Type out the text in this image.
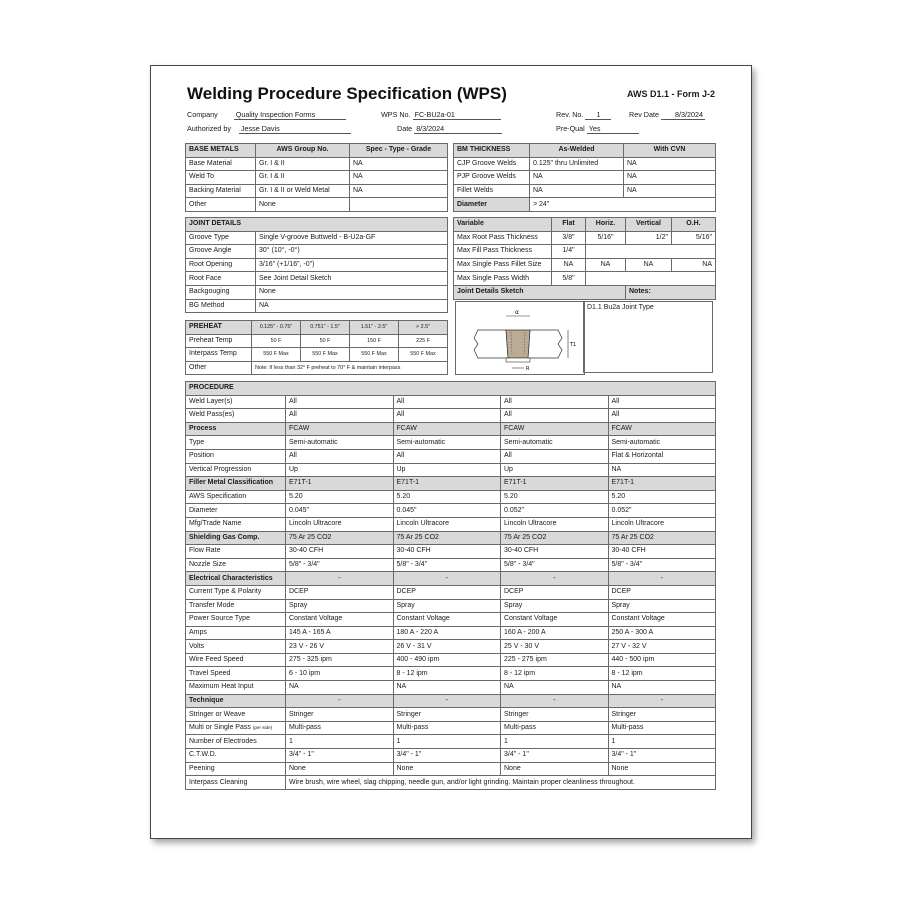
Welding Procedure Specification (WPS)	AWS D1.1 - Form J-2
Company	Quality Inspection Forms
Authorized by Jesse Davis
WPS No. FC-BU2a-01
Date 8/3/2024
Rev. No. 1	Rev Date 8/3/2024
Pre-Qual Yes
BASE METALS	AWS Group No.	Spec - Type - Grade
Base Material	Gr. I & II	NA
Weld To	Gr. I & II	NA
Backing Material	Gr. I & II or Weld Metal	NA
Other	None	
BM THICKNESS	As-Welded	With CVN
CJP Groove Welds	0.125" thru Unlimited	NA
PJP Groove Welds	NA	NA
Fillet Welds	NA	NA
Diameter	> 24"	
JOINT DETAILS	
Groove Type	Single V-groove Buttweld - B-U2a-GF
Groove Angle	30° (10°, -0°)
Root Opening	3/16" (+1/16", -0")
Root Face	See Joint Detail Sketch
Backgouging	None
BG Method	NA
Variable	Flat	Horiz.	Vertical	O.H.
Max Root Pass Thickness	3/8"	5/16"	1/2"	5/16"
Max Fill Pass Thickness	1/4"			
Max Single Pass Fillet Size	NA	NA	NA	NA
Max Single Pass Width	5/8"			
Joint Details Sketch			Notes:	
α
T1
R
D1.1 Bu2a Joint Type
PREHEAT	0.125" - 0.75"	0.751" - 1.5"	1.51" - 2.5"	> 2.5"
Preheat Temp	50 F	50 F	150 F	225 F
Interpass Temp	550 F Max	550 F Max	550 F Max	550 F Max
Other	Note: If less than 32° F preheat to 70° F & maintain interpass			
PROCEDURE				
Weld Layer(s)	All	All	All	All
Weld Pass(es)	All	All	All	All
Process	FCAW	FCAW	FCAW	FCAW
Type	Semi-automatic	Semi-automatic	Semi-automatic	Semi-automatic
Position	All	All	All	Flat & Horizontal
Vertical Progression	Up	Up	Up	NA
Filler Metal Classification	E71T-1	E71T-1	E71T-1	E71T-1
AWS Specification	5.20	5.20	5.20	5.20
Diameter	0.045"	0.045"	0.052"	0.052"
Mfg/Trade Name	Lincoln Ultracore	Lincoln Ultracore	Lincoln Ultracore	Lincoln Ultracore
Shielding Gas Comp.	75 Ar 25 CO2	75 Ar 25 CO2	75 Ar 25 CO2	75 Ar 25 CO2
Flow Rate	30-40 CFH	30-40 CFH	30-40 CFH	30-40 CFH
Nozzle Size	5/8" - 3/4"	5/8" - 3/4"	5/8" - 3/4"	5/8" - 3/4"
Electrical Characteristics	-	-	-	-
Current Type & Polarity	DCEP	DCEP	DCEP	DCEP
Transfer Mode	Spray	Spray	Spray	Spray
Power Source Type	Constant Voltage	Constant Voltage	Constant Voltage	Constant Voltage
Amps	145 A - 165 A	180 A - 220 A	160 A - 200 A	250 A - 300 A
Volts	23 V - 26 V	26 V - 31 V	25 V - 30 V	27 V - 32 V
Wire Feed Speed	275 - 325 ipm	400 - 490 ipm	225 - 275 ipm	440 - 500 ipm
Travel Speed	6 - 10 ipm	8 - 12 ipm	8 - 12 ipm	8 - 12 ipm
Maximum Heat Input	NA	NA	NA	NA
Technique	-	-	-	-
Stringer or Weave	Stringer	Stringer	Stringer	Stringer
Multi or Single Pass (per side)	Multi-pass	Multi-pass	Multi-pass	Multi-pass
Number of Electrodes	1	1	1	1
C.T.W.D.	3/4" - 1"	3/4" - 1"	3/4" - 1"	3/4" - 1"
Peening	None	None	None	None
Interpass Cleaning	Wire brush, wire wheel, slag chipping, needle gun, and/or light grinding. Maintain proper cleanliness throughout.			
